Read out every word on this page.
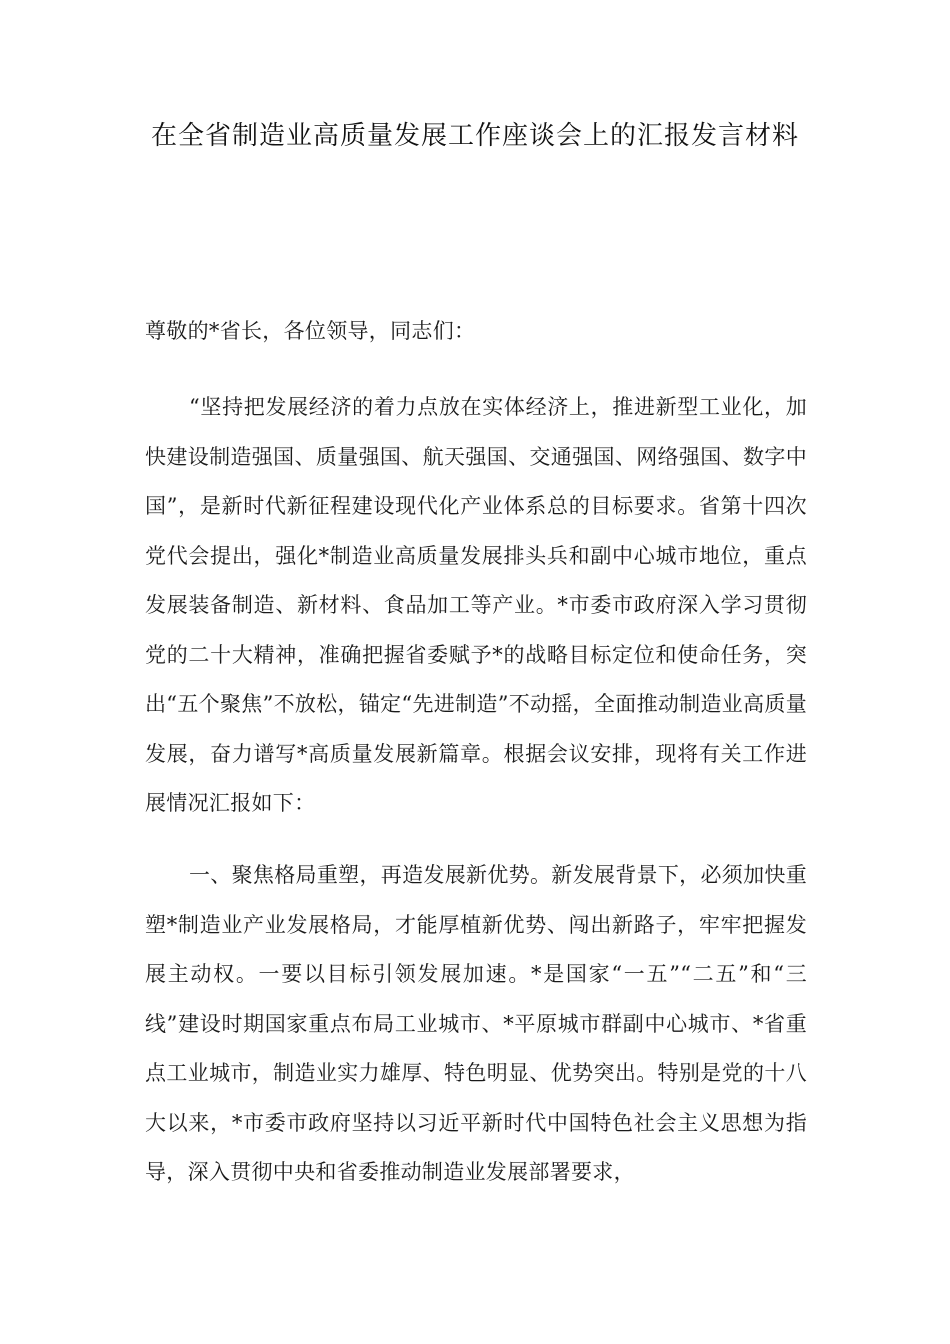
在全省制造业高质量发展工作座谈会上的汇报发言材料

尊敬的*省长，各位领导，同志们：

“坚持把发展经济的着力点放在实体经济上，推进新型工业化，加快建设制造强国、质量强国、航天强国、交通强国、网络强国、数字中国”，是新时代新征程建设现代化产业体系总的目标要求。省第十四次党代会提出，强化*制造业高质量发展排头兵和副中心城市地位，重点发展装备制造、新材料、食品加工等产业。*市委市政府深入学习贯彻党的二十大精神，准确把握省委赋予*的战略目标定位和使命任务，突出“五个聚焦”不放松，锚定“先进制造”不动摇，全面推动制造业高质量发展，奋力谱写*高质量发展新篇章。根据会议安排，现将有关工作进展情况汇报如下：

一、聚焦格局重塑，再造发展新优势。新发展背景下，必须加快重塑*制造业产业发展格局，才能厚植新优势、闯出新路子，牢牢把握发展主动权。一要以目标引领发展加速。*是国家“一五”“二五”和“三线”建设时期国家重点布局工业城市、*平原城市群副中心城市、*省重点工业城市，制造业实力雄厚、特色明显、优势突出。特别是党的十八大以来，*市委市政府坚持以习近平新时代中国特色社会主义思想为指导，深入贯彻中央和省委推动制造业发展部署要求，
